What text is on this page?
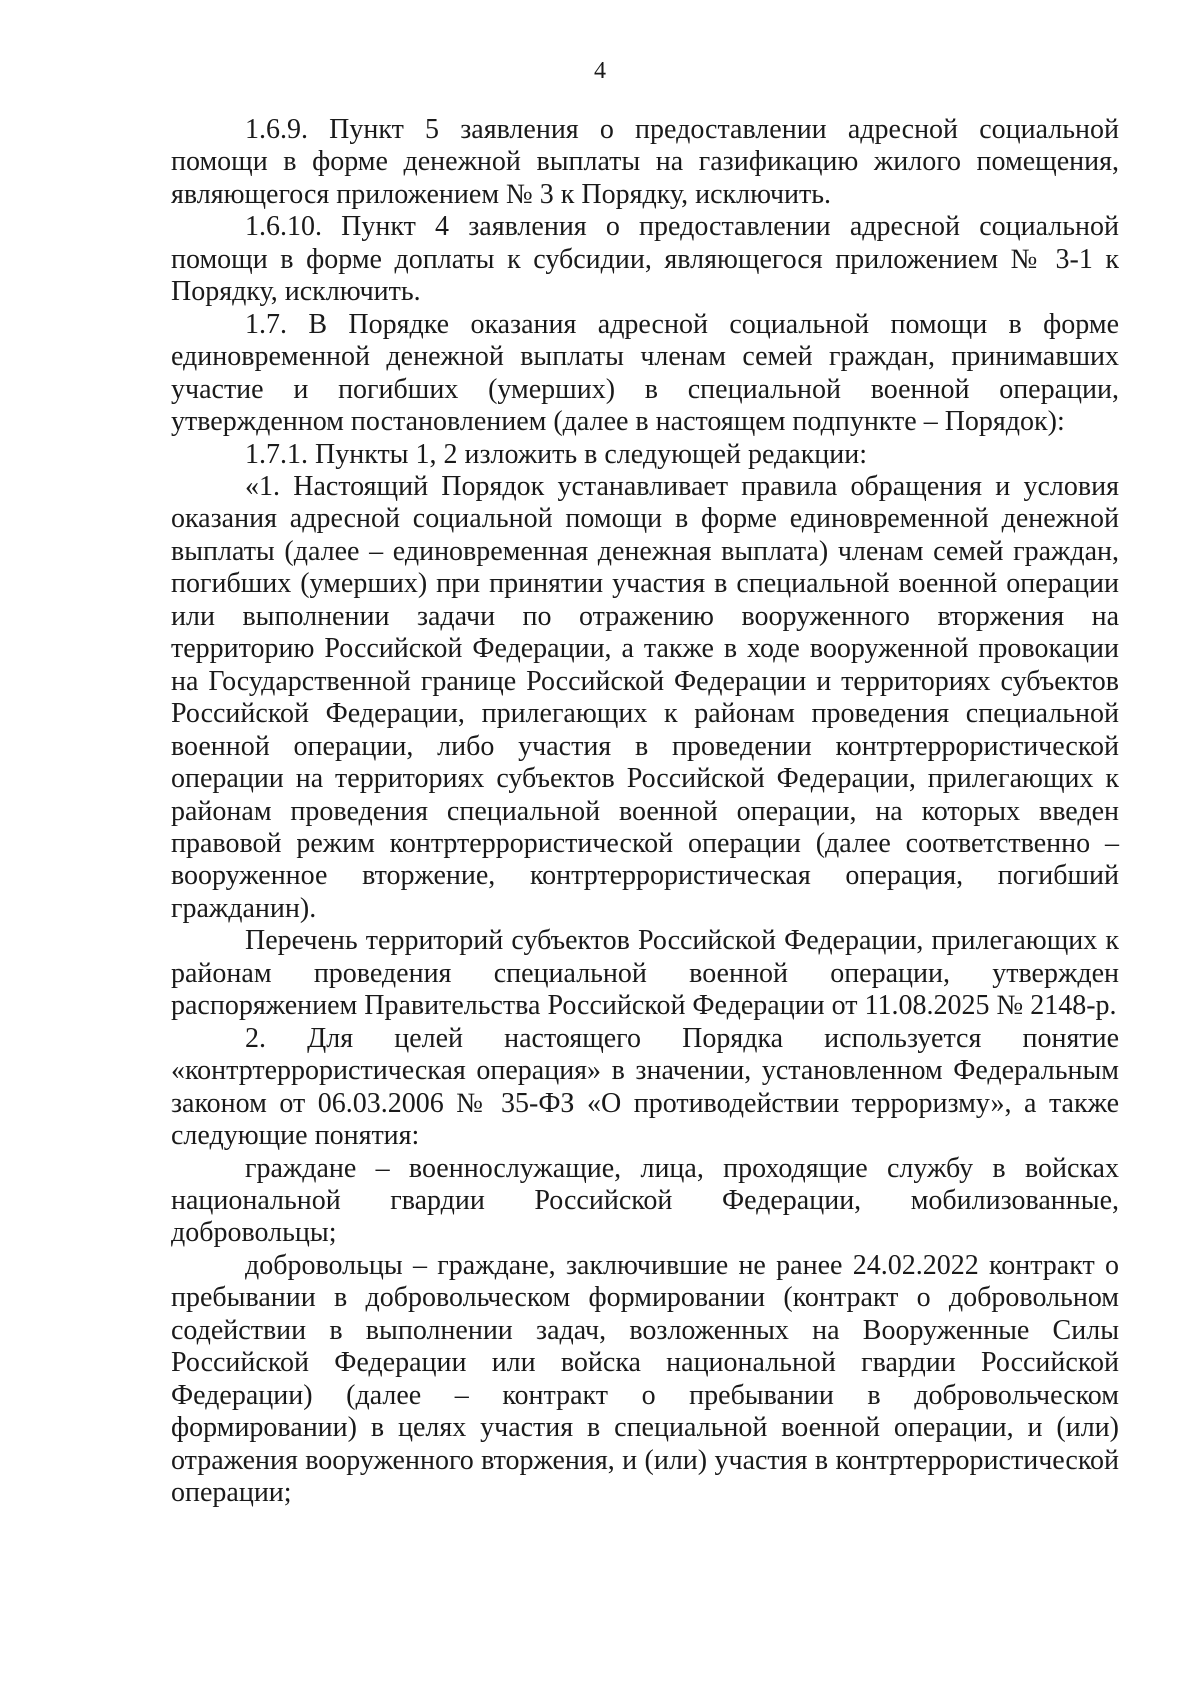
4

1.6.9. Пункт 5 заявления о предоставлении адресной социальной помощи в форме денежной выплаты на газификацию жилого помещения, являющегося приложением № 3 к Порядку, исключить.

1.6.10. Пункт 4 заявления о предоставлении адресной социальной помощи в форме доплаты к субсидии, являющегося приложением № 3-1 к Порядку, исключить.

1.7. В Порядке оказания адресной социальной помощи в форме единовременной денежной выплаты членам семей граждан, принимавших участие и погибших (умерших) в специальной военной операции, утвержденном постановлением (далее в настоящем подпункте – Порядок):

1.7.1. Пункты 1, 2 изложить в следующей редакции:

«1. Настоящий Порядок устанавливает правила обращения и условия оказания адресной социальной помощи в форме единовременной денежной выплаты (далее – единовременная денежная выплата) членам семей граждан, погибших (умерших) при принятии участия в специальной военной операции или выполнении задачи по отражению вооруженного вторжения на территорию Российской Федерации, а также в ходе вооруженной провокации на Государственной границе Российской Федерации и территориях субъектов Российской Федерации, прилегающих к районам проведения специальной военной операции, либо участия в проведении контртеррористической операции на территориях субъектов Российской Федерации, прилегающих к районам проведения специальной военной операции, на которых введен правовой режим контртеррористической операции (далее соответственно – вооруженное вторжение, контртеррористическая операция, погибший гражданин).

Перечень территорий субъектов Российской Федерации, прилегающих к районам проведения специальной военной операции, утвержден распоряжением Правительства Российской Федерации от 11.08.2025 № 2148-р.

2. Для целей настоящего Порядка используется понятие «контртеррористическая операция» в значении, установленном Федеральным законом от 06.03.2006 № 35-ФЗ «О противодействии терроризму», а также следующие понятия:

граждане – военнослужащие, лица, проходящие службу в войсках национальной гвардии Российской Федерации, мобилизованные, добровольцы;

добровольцы – граждане, заключившие не ранее 24.02.2022 контракт о пребывании в добровольческом формировании (контракт о добровольном содействии в выполнении задач, возложенных на Вооруженные Силы Российской Федерации или войска национальной гвардии Российской Федерации) (далее – контракт о пребывании в добровольческом формировании) в целях участия в специальной военной операции, и (или) отражения вооруженного вторжения, и (или) участия в контртеррористической операции;
